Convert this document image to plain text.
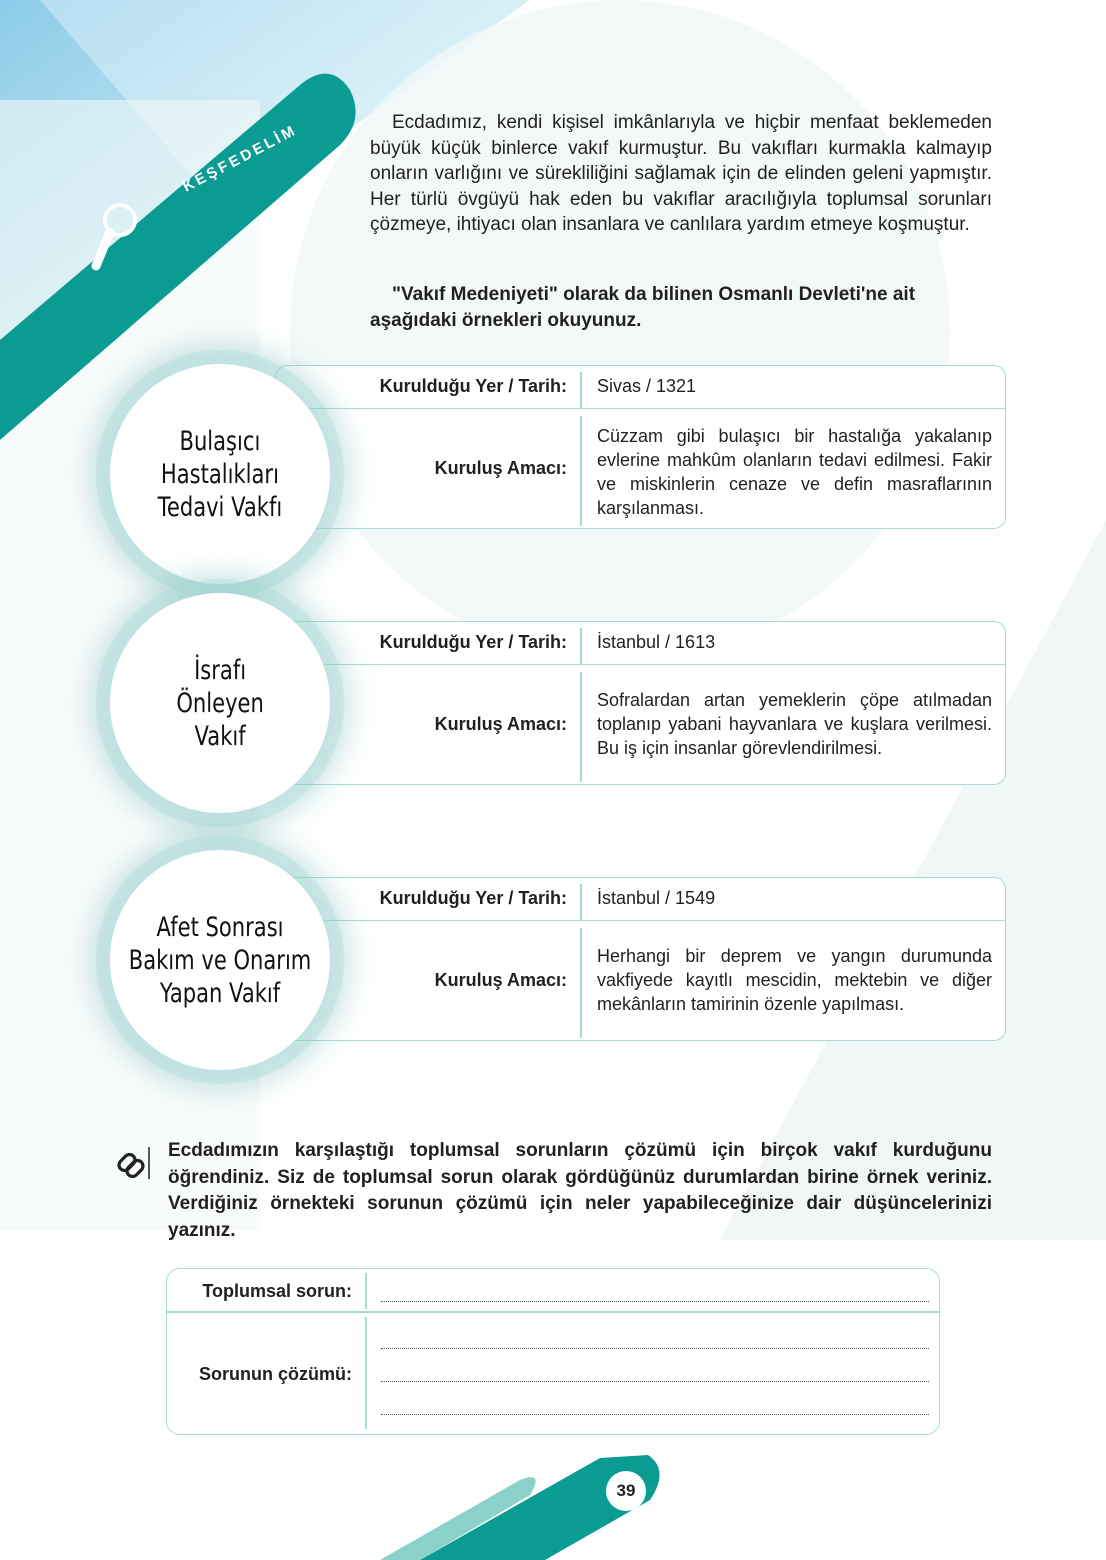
KEŞFEDELİM	Ecdadımız, kendi kişisel imkânlarıyla ve hiçbir menfaat beklemeden büyük küçük binlerce vakıf kurmuştur. Bu vakıfları kurmakla kalmayıp onların varlığını ve sürekliliğini sağlamak için de elinden geleni yapmıştır. Her türlü övgüyü hak eden bu vakıflar aracılığıyla toplumsal sorunları çözmeye, ihtiyacı olan insanlara ve canlılara yardım etmeye koşmuştur.

"Vakıf Medeniyeti" olarak da bilinen Osmanlı Devleti'ne ait aşağıdaki örnekleri okuyunuz.
Kurulduğu Yer / Tarih: Sivas / 1321
Kuruluş Amacı:
Cüzzam gibi bulaşıcı bir hastalığa yakalanıp evlerine mahkûm olanların tedavi edilmesi. Fakir ve miskinlerin cenaze ve defin masraflarının karşılanması.
Bulaşıcı
Hastalıkları
Tedavi Vakfı
Kurulduğu Yer / Tarih: İstanbul / 1613
Kuruluş Amacı:
Sofralardan artan yemeklerin çöpe atılmadan toplanıp yabani hayvanlara ve kuşlara verilmesi. Bu iş için insanlar görevlendirilmesi.
İsrafı
Önleyen
Vakıf
Kurulduğu Yer / Tarih: İstanbul / 1549
Kuruluş Amacı:
Herhangi bir deprem ve yangın durumunda vakfiyede kayıtlı mescidin, mektebin ve diğer mekânların tamirinin özenle yapılması.
Afet Sonrası
Bakım ve Onarım
Yapan Vakıf
Ecdadımızın karşılaştığı toplumsal sorunların çözümü için birçok vakıf kurduğunu öğrendiniz. Siz de toplumsal sorun olarak gördüğünüz durumlardan birine örnek veriniz. Verdiğiniz örnekteki sorunun çözümü için neler yapabileceğinize dair düşüncelerinizi yazınız.
Toplumsal sorun:
Sorunun çözümü:
39
